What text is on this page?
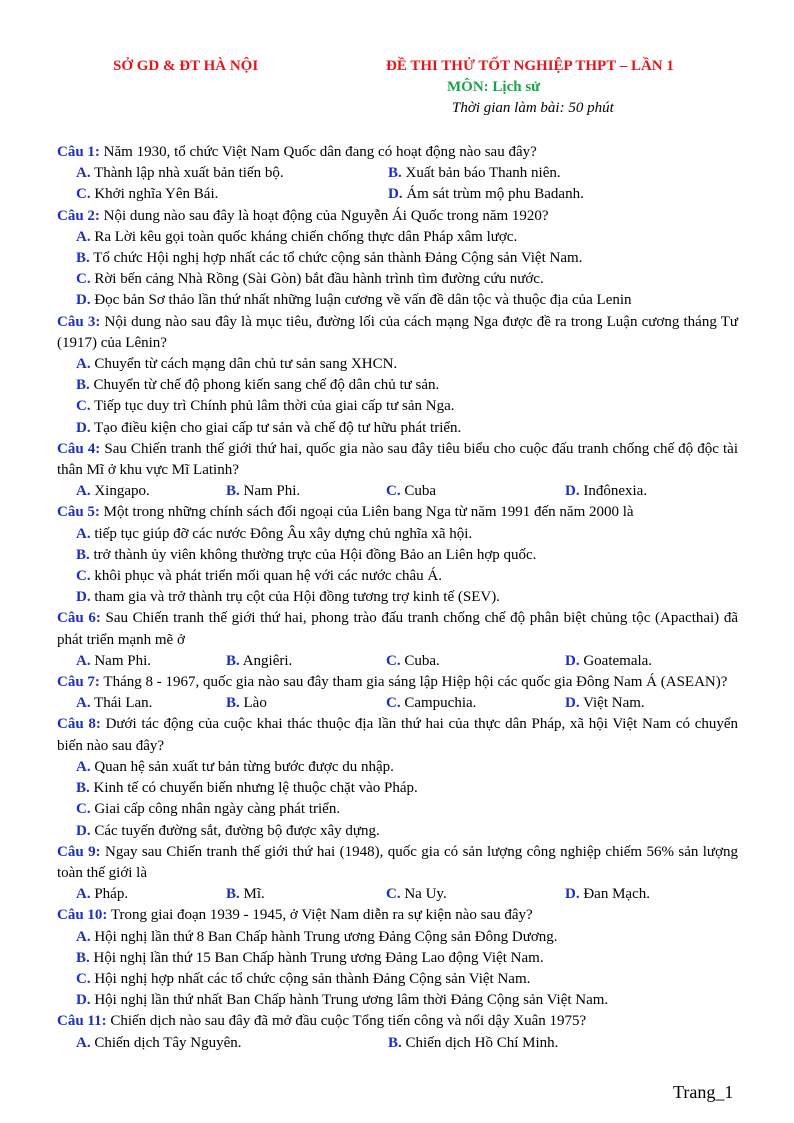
SỞ GD & ĐT HÀ NỘI	ĐỀ THI THỬ TỐT NGHIỆP THPT – LẦN 1
MÔN: Lịch sử
Thời gian làm bài: 50 phút
Câu 1: Năm 1930, tổ chức Việt Nam Quốc dân đang có hoạt động nào sau đây?
A. Thành lập nhà xuất bản tiến bộ.	B. Xuất bản báo Thanh niên.
C. Khởi nghĩa Yên Bái.	D. Ám sát trùm mộ phu Badanh.
Câu 2: Nội dung nào sau đây là hoạt động của Nguyễn Ái Quốc trong năm 1920?
A. Ra Lời kêu gọi toàn quốc kháng chiến chống thực dân Pháp xâm lược.
B. Tổ chức Hội nghị hợp nhất các tổ chức cộng sản thành Đảng Cộng sản Việt Nam.
C. Rời bến cảng Nhà Rồng (Sài Gòn) bắt đầu hành trình tìm đường cứu nước.
D. Đọc bản Sơ thảo lần thứ nhất những luận cương về vấn đề dân tộc và thuộc địa của Lenin
Câu 3: Nội dung nào sau đây là mục tiêu, đường lối của cách mạng Nga được đề ra trong Luận cương tháng Tư (1917) của Lênin?
A. Chuyển từ cách mạng dân chủ tư sản sang XHCN.
B. Chuyển từ chế độ phong kiến sang chế độ dân chủ tư sản.
C. Tiếp tục duy trì Chính phủ lâm thời của giai cấp tư sản Nga.
D. Tạo điều kiện cho giai cấp tư sản và chế độ tư hữu phát triển.
Câu 4: Sau Chiến tranh thế giới thứ hai, quốc gia nào sau đây tiêu biểu cho cuộc đấu tranh chống chế độ độc tài thân Mĩ ở khu vực Mĩ Latinh?
A. Xingapo.	B. Nam Phi.	C. Cuba	D. Inđônexia.
Câu 5: Một trong những chính sách đối ngoại của Liên bang Nga từ năm 1991 đến năm 2000 là
A. tiếp tục giúp đỡ các nước Đông Âu xây dựng chủ nghĩa xã hội.
B. trở thành ủy viên không thường trực của Hội đồng Bảo an Liên hợp quốc.
C. khôi phục và phát triển mối quan hệ với các nước châu Á.
D. tham gia và trở thành trụ cột của Hội đồng tương trợ kinh tế (SEV).
Câu 6: Sau Chiến tranh thế giới thứ hai, phong trào đấu tranh chống chế độ phân biệt chủng tộc (Apacthai) đã phát triển mạnh mẽ ở
A. Nam Phi.	B. Angiêri.	C. Cuba.	D. Goatemala.
Câu 7: Tháng 8 - 1967, quốc gia nào sau đây tham gia sáng lập Hiệp hội các quốc gia Đông Nam Á (ASEAN)?
A. Thái Lan.	B. Lào	C. Campuchia.	D. Việt Nam.
Câu 8: Dưới tác động của cuộc khai thác thuộc địa lần thứ hai của thực dân Pháp, xã hội Việt Nam có chuyển biến nào sau đây?
A. Quan hệ sản xuất tư bản từng bước được du nhập.
B. Kinh tế có chuyển biến nhưng lệ thuộc chặt vào Pháp.
C. Giai cấp công nhân ngày càng phát triển.
D. Các tuyến đường sắt, đường bộ được xây dựng.
Câu 9: Ngay sau Chiến tranh thế giới thứ hai (1948), quốc gia có sản lượng công nghiệp chiếm 56% sản lượng toàn thế giới là
A. Pháp.	B. Mĩ.	C. Na Uy.	D. Đan Mạch.
Câu 10: Trong giai đoạn 1939 - 1945, ở Việt Nam diễn ra sự kiện nào sau đây?
A. Hội nghị lần thứ 8 Ban Chấp hành Trung ương Đảng Cộng sản Đông Dương.
B. Hội nghị lần thứ 15 Ban Chấp hành Trung ương Đảng Lao động Việt Nam.
C. Hội nghị hợp nhất các tổ chức cộng sản thành Đảng Cộng sản Việt Nam.
D. Hội nghị lần thứ nhất Ban Chấp hành Trung ương lâm thời Đảng Cộng sản Việt Nam.
Câu 11: Chiến dịch nào sau đây đã mở đầu cuộc Tổng tiến công và nổi dậy Xuân 1975?
A. Chiến dịch Tây Nguyên.	B. Chiến dịch Hồ Chí Minh.
Trang_1
